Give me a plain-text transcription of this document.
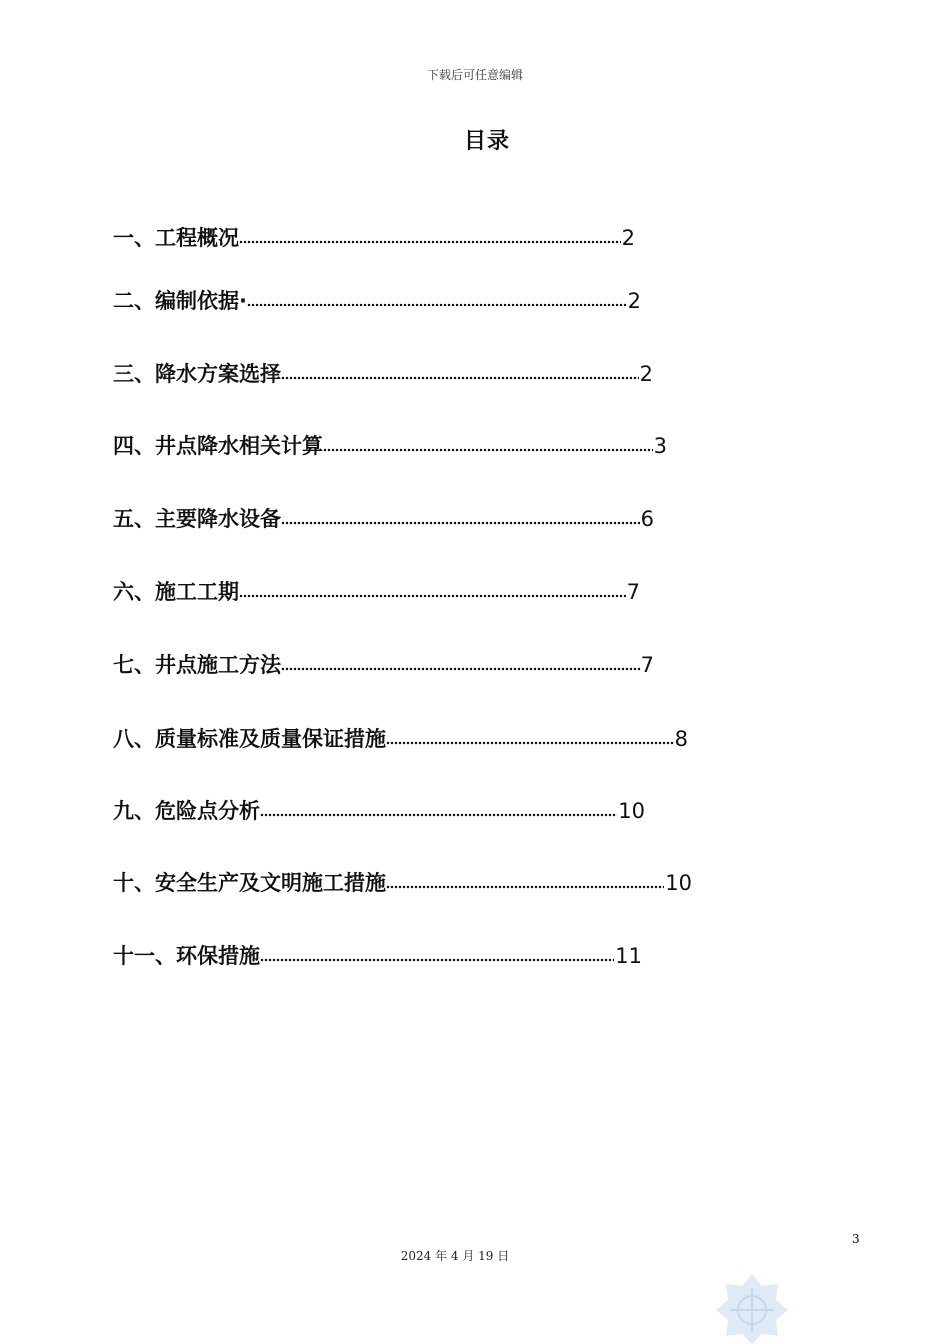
下载后可任意编辑
目录
一、工程概况	2
二、编制依据·	2
三、降水方案选择	2
四、井点降水相关计算	3
五、主要降水设备	6
六、施工工期	7
七、井点施工方法	7
八、质量标准及质量保证措施	8
九、危险点分析	10
十、安全生产及文明施工措施	10
十一、环保措施	11
3
2024 年 4 月 19 日
